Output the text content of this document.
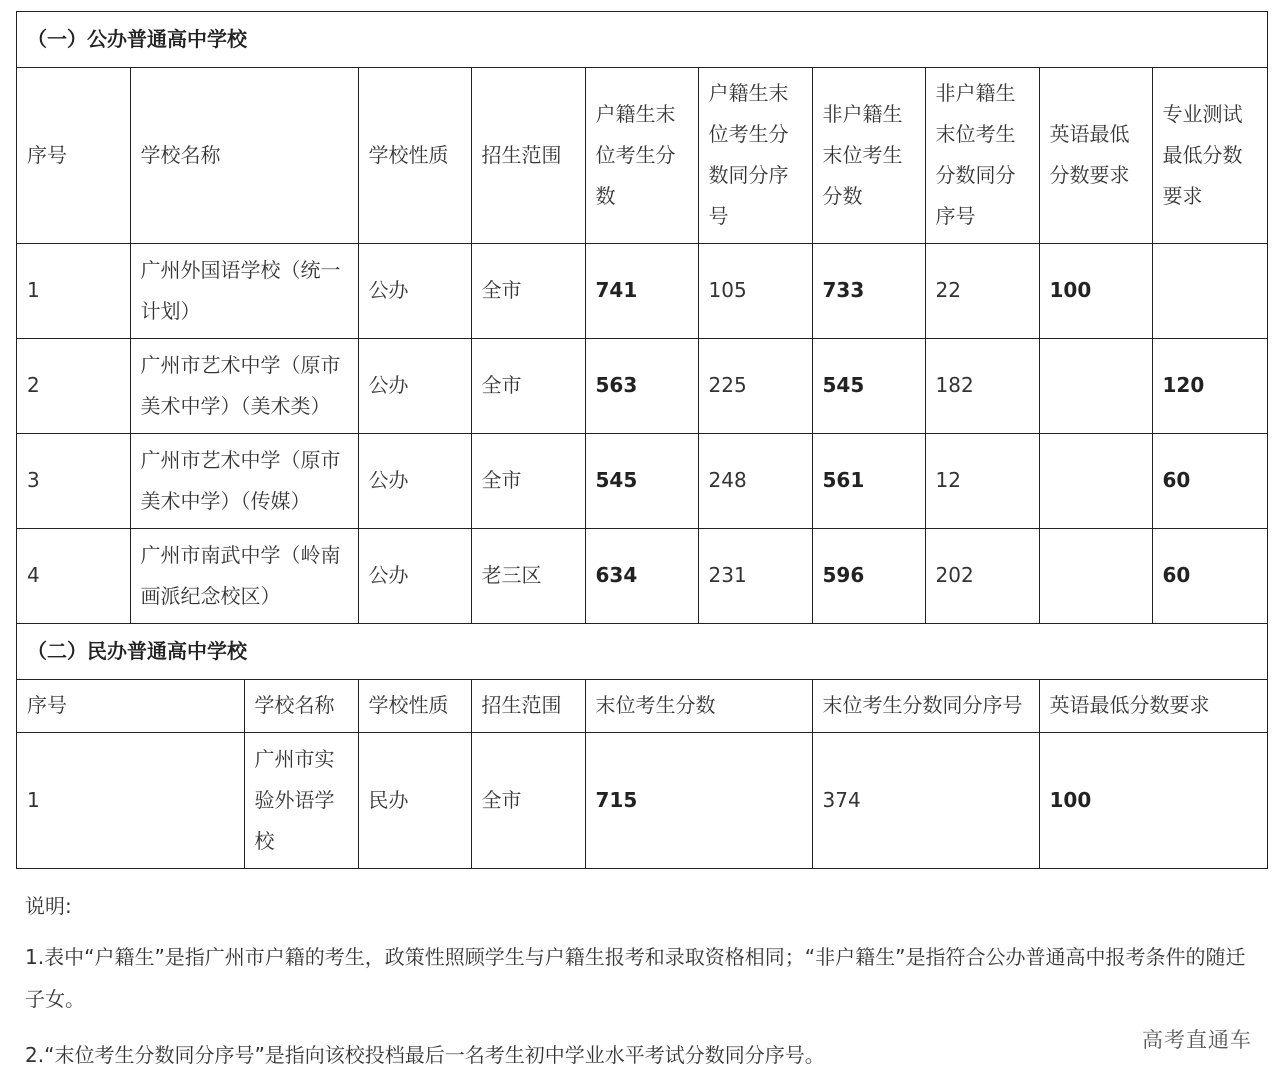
（一）公办普通高中学校
序号	学校名称	学校性质	招生范围	户籍生末位考生分数	户籍生末位考生分数同分序号	非户籍生末位考生分数	非户籍生末位考生分数同分序号	英语最低分数要求	专业测试最低分数要求
1	广州外国语学校（统一计划）	公办	全市	741	105	733	22	100	
2	广州市艺术中学（原市美术中学）（美术类）	公办	全市	563	225	545	182		120
3	广州市艺术中学（原市美术中学）（传媒）	公办	全市	545	248	561	12		60
4	广州市南武中学（岭南画派纪念校区）	公办	老三区	634	231	596	202		60
（二）民办普通高中学校
序号	学校名称	学校性质	招生范围	末位考生分数	末位考生分数同分序号	英语最低分数要求
1	广州市实验外语学校	民办	全市	715	374	100
说明:
1.表中“户籍生”是指广州市户籍的考生，政策性照顾学生与户籍生报考和录取资格相同；“非户籍生”是指符合公办普通高中报考条件的随迁子女。
2.“末位考生分数同分序号”是指向该校投档最后一名考生初中学业水平考试分数同分序号。
高考直通车
